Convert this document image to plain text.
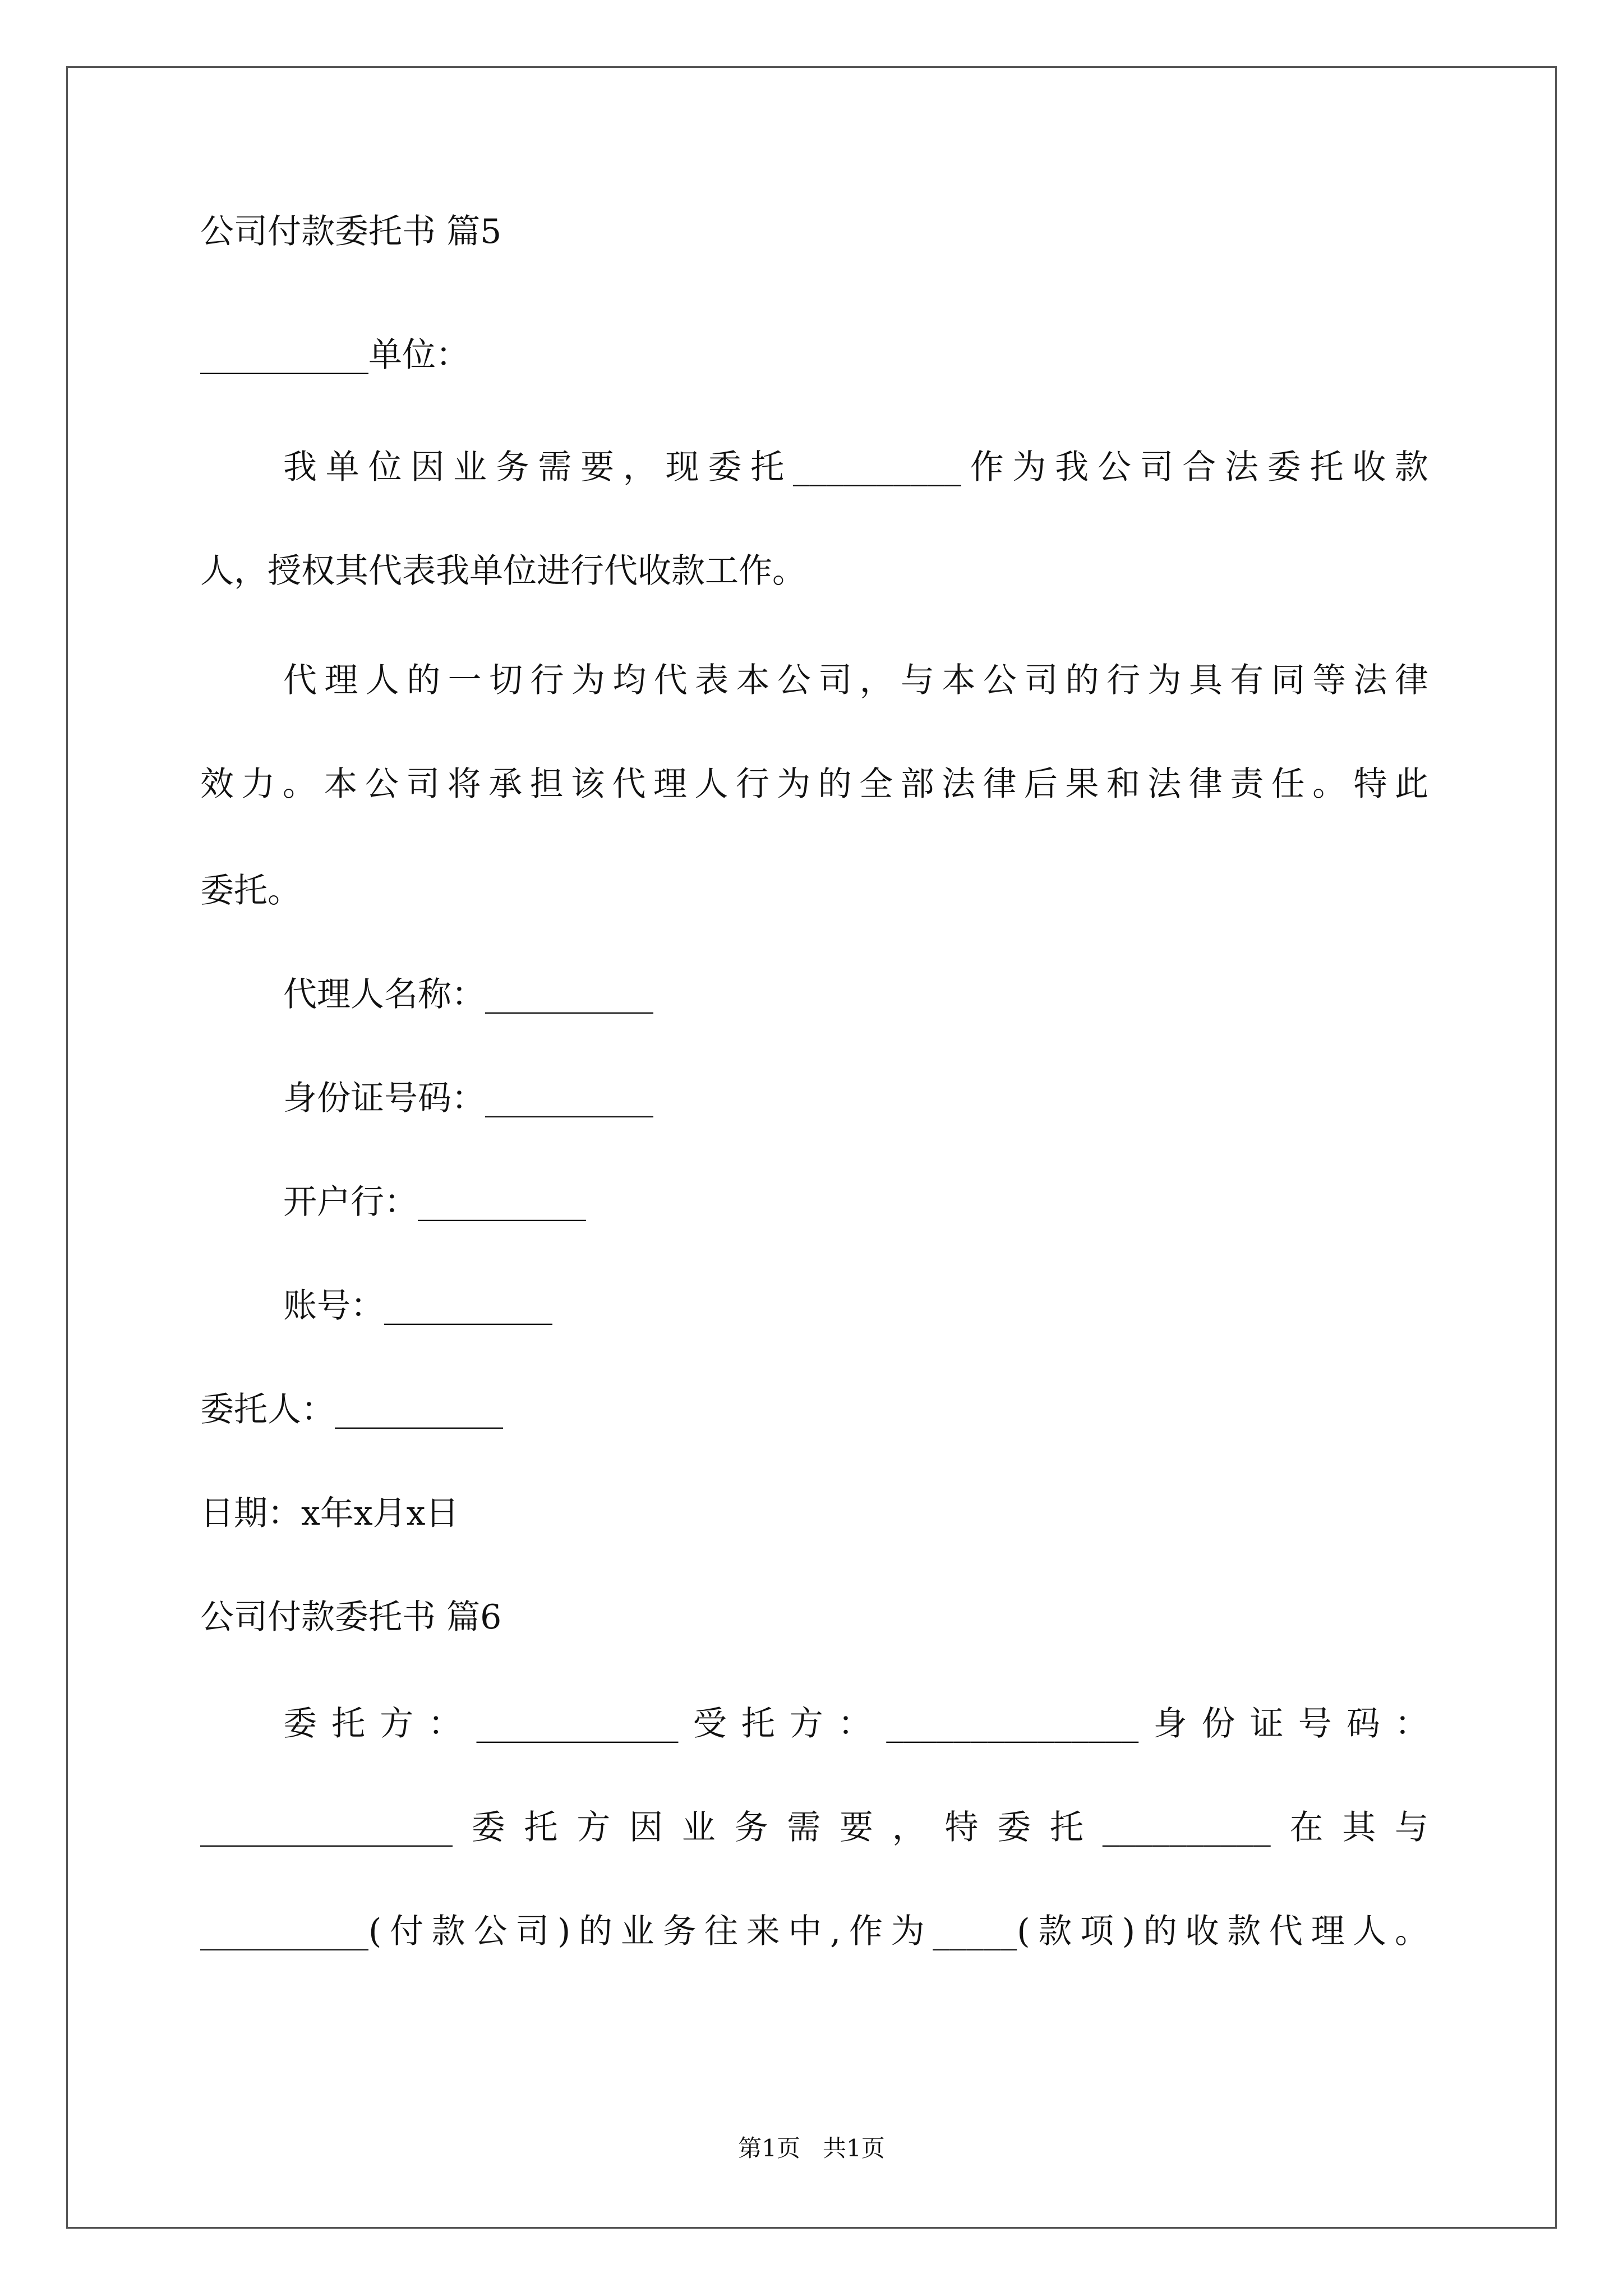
公司付款委托书 篇5
__________单位：
我单位因业务需要，现委托__________作为我公司合法委托收款
人，授权其代表我单位进行代收款工作。
代理人的一切行为均代表本公司，与本公司的行为具有同等法律
效力。本公司将承担该代理人行为的全部法律后果和法律责任。特此
委托。
代理人名称：__________
身份证号码：__________
开户行：__________
账号：__________
委托人：__________
日期：x年x月x日
公司付款委托书 篇6
委托方：____________受托方：_______________身份证号码：
_______________委托方因业务需要，特委托__________在其与
__________(付款公司)的业务往来中,作为_____(款项)的收款代理人。
第1页   共1页
